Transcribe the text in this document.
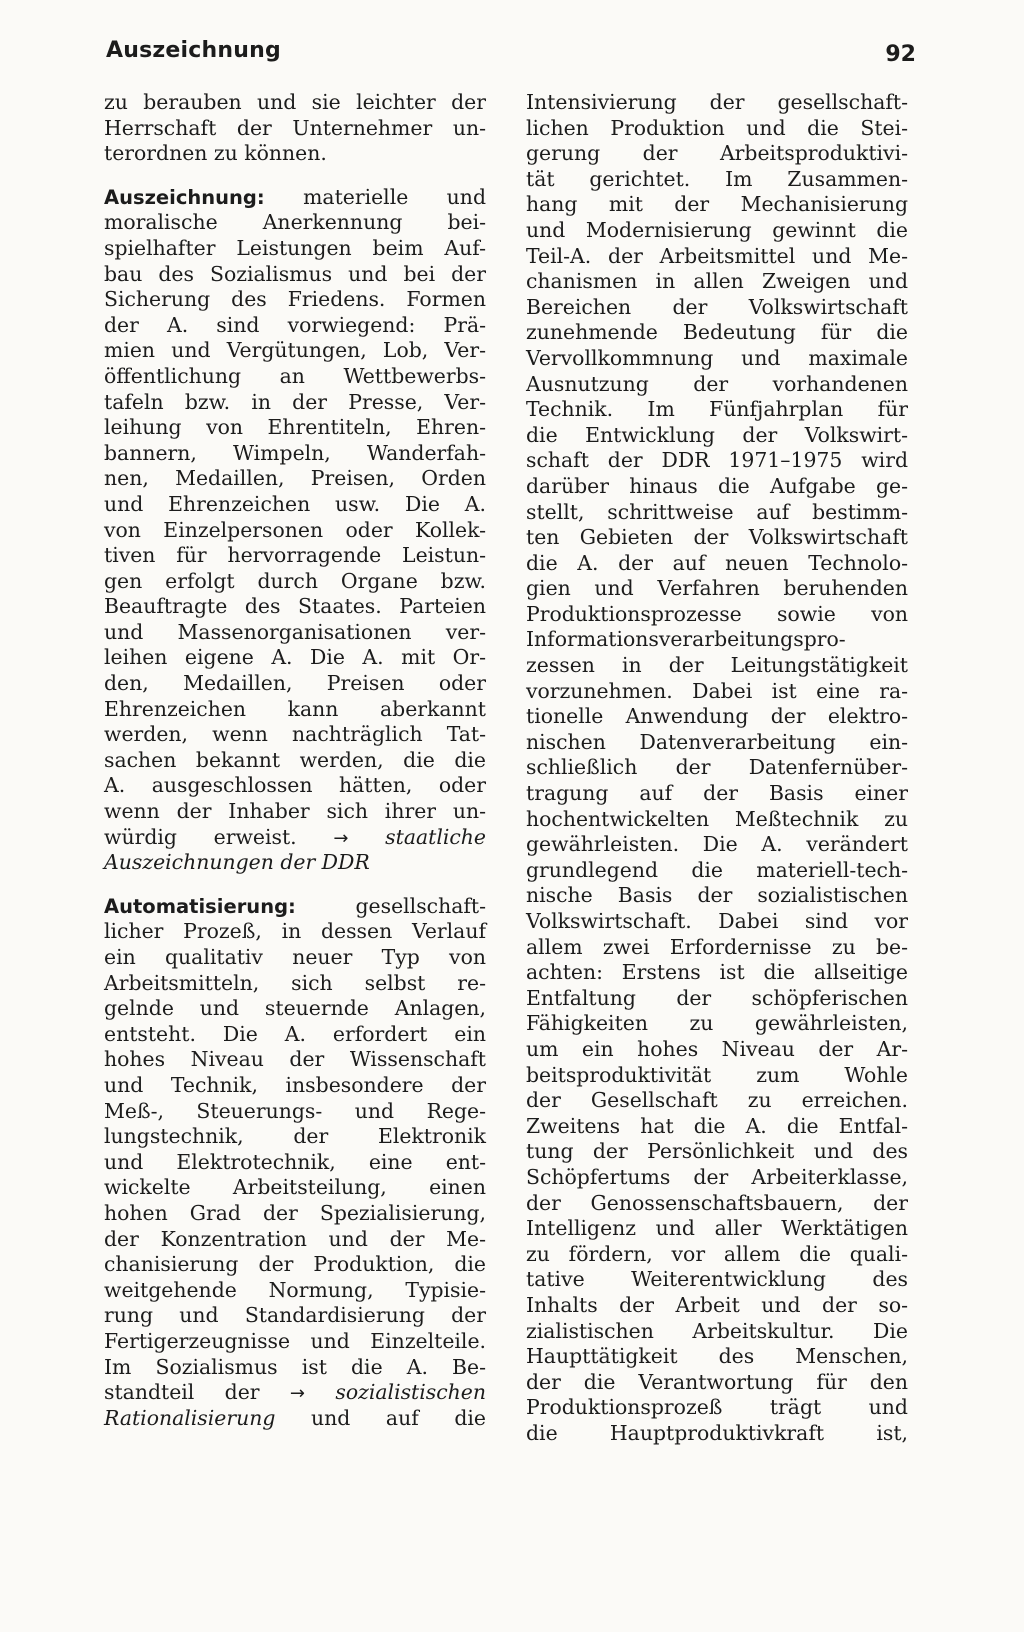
Auszeichnung	92
zu berauben und sie leichter der
Herrschaft der Unternehmer un-
terordnen zu können.
Auszeichnung: materielle und
moralische Anerkennung bei-
spielhafter Leistungen beim Auf-
bau des Sozialismus und bei der
Sicherung des Friedens. Formen
der A. sind vorwiegend: Prä-
mien und Vergütungen, Lob, Ver-
öffentlichung an Wettbewerbs-
tafeln bzw. in der Presse, Ver-
leihung von Ehrentiteln, Ehren-
bannern, Wimpeln, Wanderfah-
nen, Medaillen, Preisen, Orden
und Ehrenzeichen usw. Die A.
von Einzelpersonen oder Kollek-
tiven für hervorragende Leistun-
gen erfolgt durch Organe bzw.
Beauftragte des Staates. Parteien
und Massenorganisationen ver-
leihen eigene A. Die A. mit Or-
den, Medaillen, Preisen oder
Ehrenzeichen kann aberkannt
werden, wenn nachträglich Tat-
sachen bekannt werden, die die
A. ausgeschlossen hätten, oder
wenn der Inhaber sich ihrer un-
würdig erweist. → staatliche
Auszeichnungen der DDR
Automatisierung: gesellschaft-
licher Prozeß, in dessen Verlauf
ein qualitativ neuer Typ von
Arbeitsmitteln, sich selbst re-
gelnde und steuernde Anlagen,
entsteht. Die A. erfordert ein
hohes Niveau der Wissenschaft
und Technik, insbesondere der
Meß-, Steuerungs- und Rege-
lungstechnik, der Elektronik
und Elektrotechnik, eine ent-
wickelte Arbeitsteilung, einen
hohen Grad der Spezialisierung,
der Konzentration und der Me-
chanisierung der Produktion, die
weitgehende Normung, Typisie-
rung und Standardisierung der
Fertigerzeugnisse und Einzelteile.
Im Sozialismus ist die A. Be-
standteil der → sozialistischen
Rationalisierung und auf die
Intensivierung der gesellschaft-
lichen Produktion und die Stei-
gerung der Arbeitsproduktivi-
tät gerichtet. Im Zusammen-
hang mit der Mechanisierung
und Modernisierung gewinnt die
Teil-A. der Arbeitsmittel und Me-
chanismen in allen Zweigen und
Bereichen der Volkswirtschaft
zunehmende Bedeutung für die
Vervollkommnung und maximale
Ausnutzung der vorhandenen
Technik. Im Fünfjahrplan für
die Entwicklung der Volkswirt-
schaft der DDR 1971–1975 wird
darüber hinaus die Aufgabe ge-
stellt, schrittweise auf bestimm-
ten Gebieten der Volkswirtschaft
die A. der auf neuen Technolo-
gien und Verfahren beruhenden
Produktionsprozesse sowie von
Informationsverarbeitungspro-
zessen in der Leitungstätigkeit
vorzunehmen. Dabei ist eine ra-
tionelle Anwendung der elektro-
nischen Datenverarbeitung ein-
schließlich der Datenfernüber-
tragung auf der Basis einer
hochentwickelten Meßtechnik zu
gewährleisten. Die A. verändert
grundlegend die materiell-tech-
nische Basis der sozialistischen
Volkswirtschaft. Dabei sind vor
allem zwei Erfordernisse zu be-
achten: Erstens ist die allseitige
Entfaltung der schöpferischen
Fähigkeiten zu gewährleisten,
um ein hohes Niveau der Ar-
beitsproduktivität zum Wohle
der Gesellschaft zu erreichen.
Zweitens hat die A. die Entfal-
tung der Persönlichkeit und des
Schöpfertums der Arbeiterklasse,
der Genossenschaftsbauern, der
Intelligenz und aller Werktätigen
zu fördern, vor allem die quali-
tative Weiterentwicklung des
Inhalts der Arbeit und der so-
zialistischen Arbeitskultur. Die
Haupttätigkeit des Menschen,
der die Verantwortung für den
Produktionsprozeß trägt und
die Hauptproduktivkraft ist,
